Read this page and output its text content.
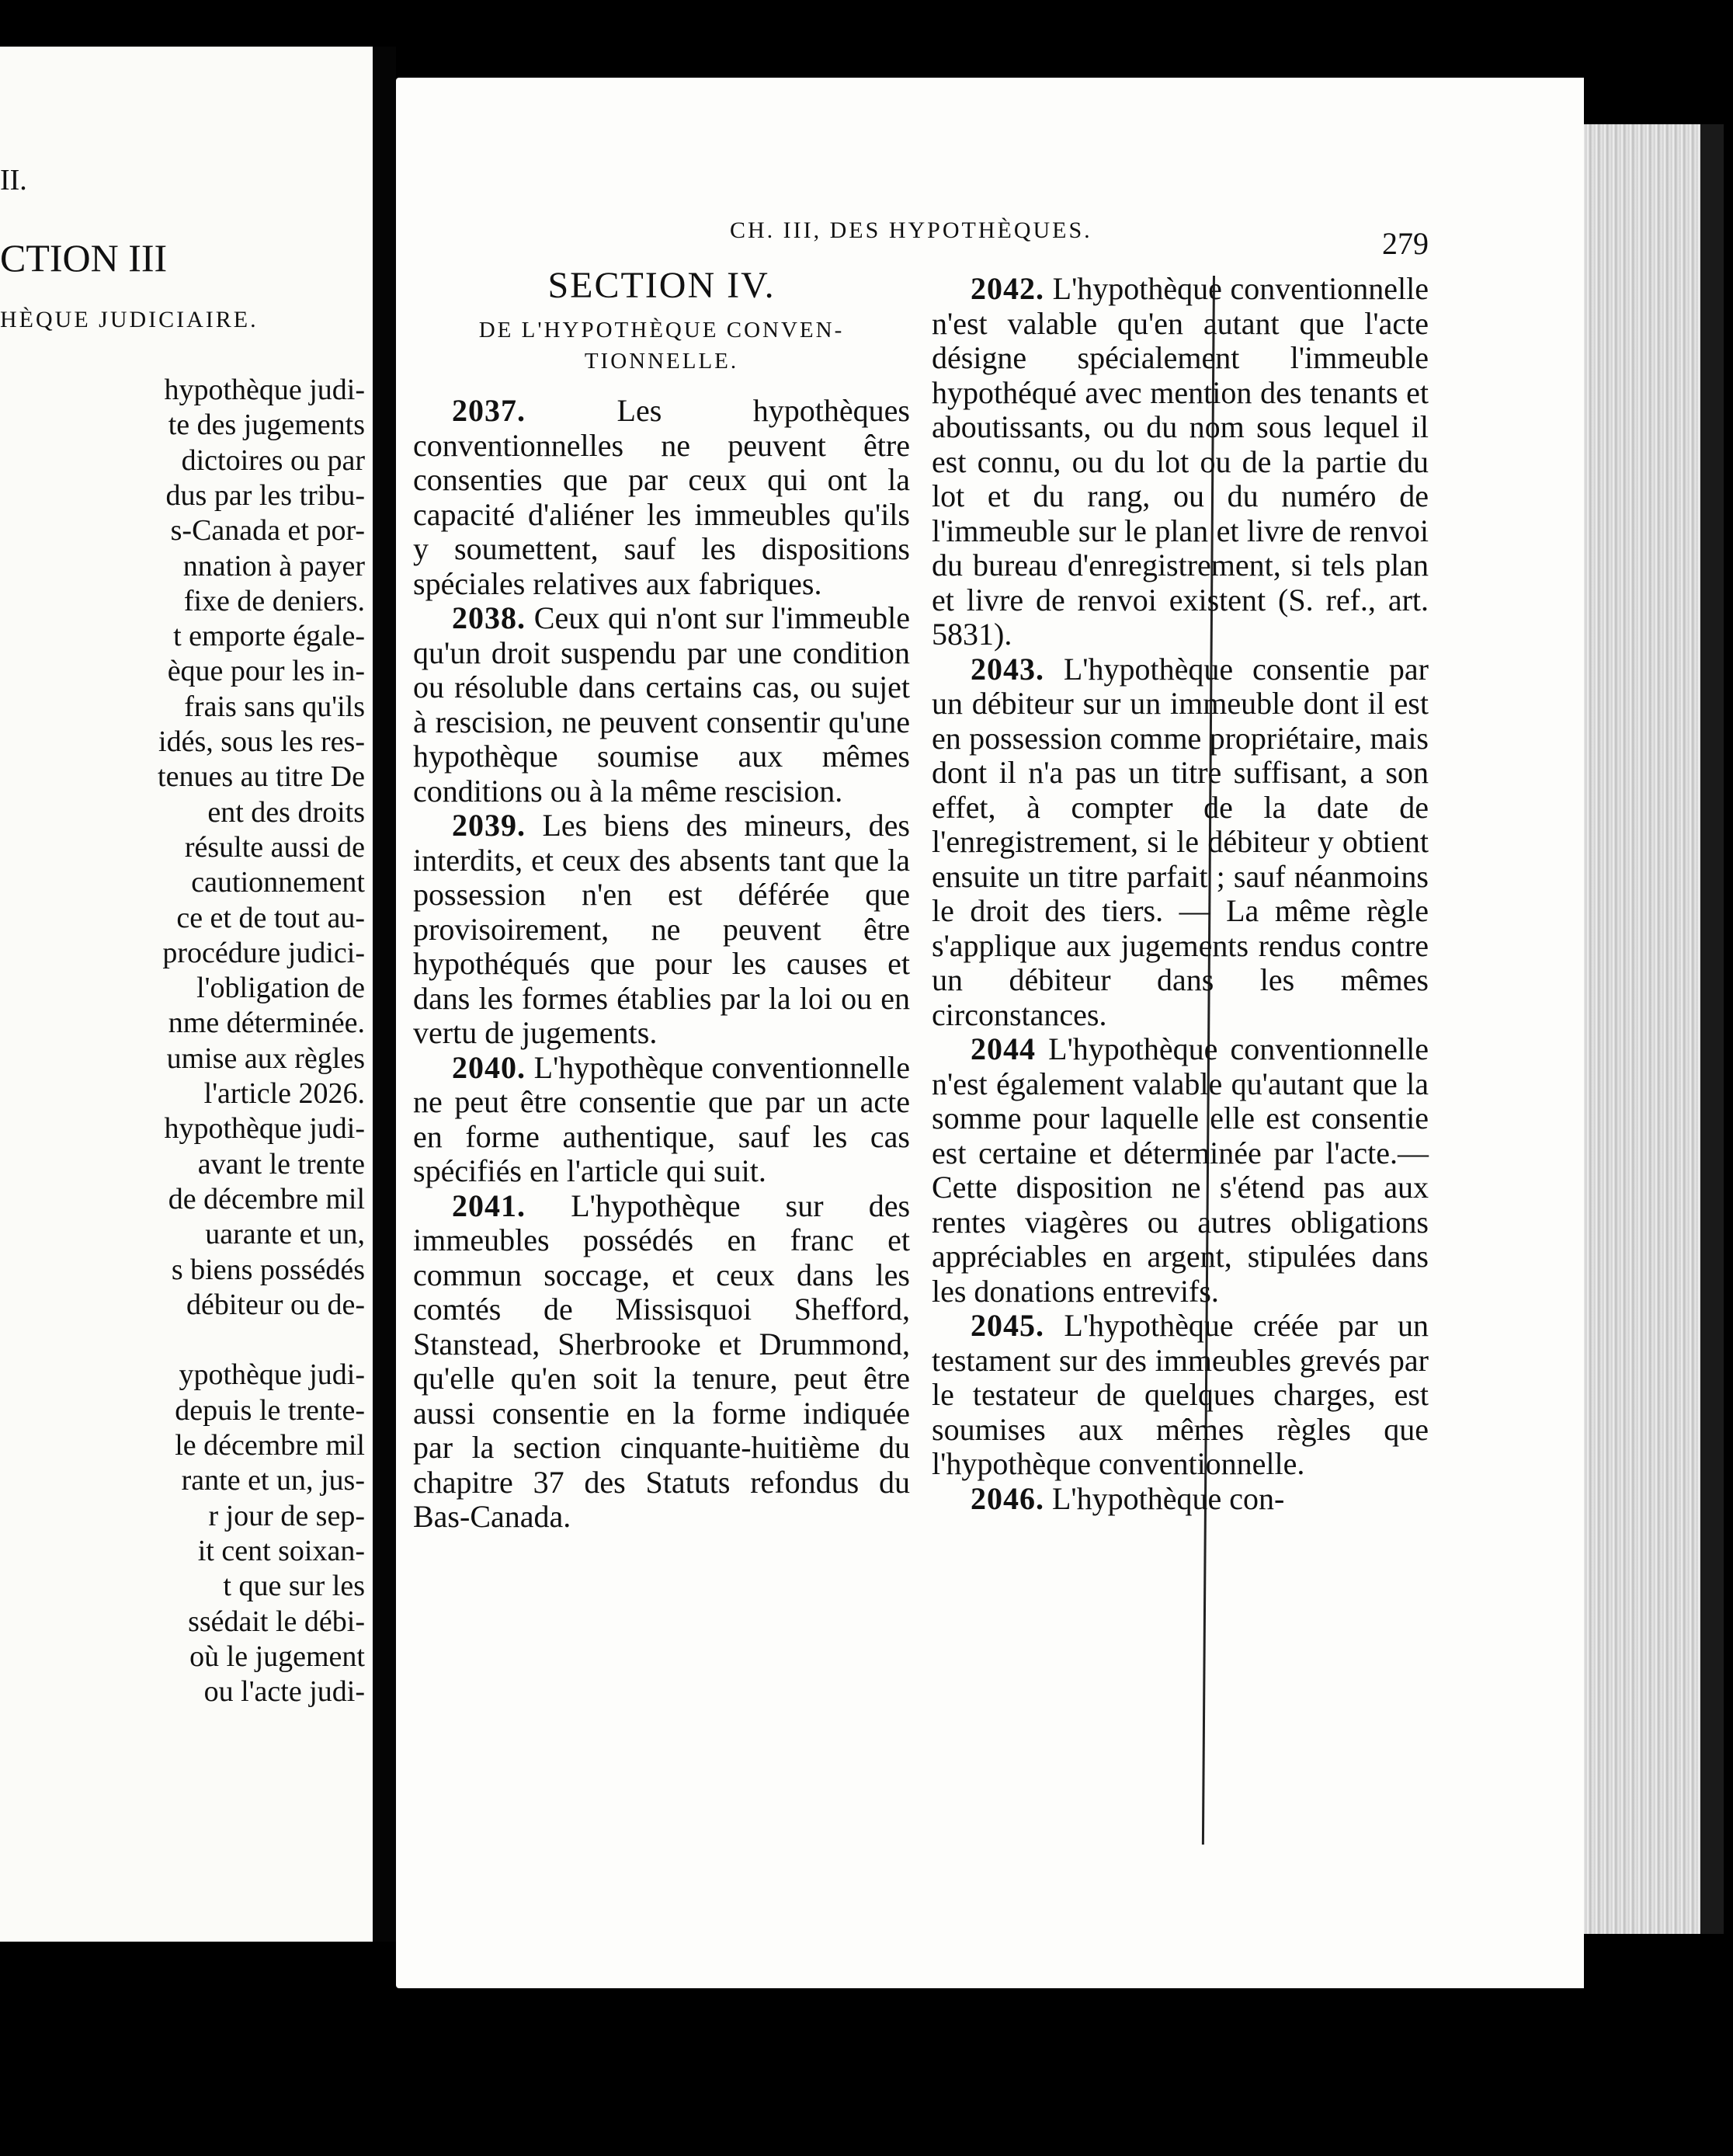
II.
CTION III
HÈQUE JUDICIAIRE.
hypothèque judi-
te des jugements
dictoires ou par
dus par les tribu-
s-Canada et por-
nnation à payer
fixe de deniers.
t emporte égale-
èque pour les in-
frais sans qu'ils
idés, sous les res-
tenues au titre De
ent des droits
résulte aussi de
cautionnement
ce et de tout au-
procédure judici-
l'obligation de
nme déterminée.
umise aux règles
l'article 2026.
hypothèque judi-
avant le trente
de décembre mil
uarante et un,
s biens possédés
débiteur ou de-
ypothèque judi-
depuis le trente-
le décembre mil
rante et un, jus-
r jour de sep-
it cent soixan-
t que sur les
ssédait le débi-
où le jugement
ou l'acte judi-
CH. III, DES HYPOTHÈQUES.	279
SECTION IV.
DE L'HYPOTHÈQUE CONVEN-
TIONNELLE.

2037.	Les hypothèques conventionnelles ne peuvent être consenties que par ceux qui ont la capacité d'aliéner les immeubles qu'ils y soumettent, sauf les dispositions spéciales relatives aux fabriques.

2038. Ceux qui n'ont sur l'immeuble qu'un droit suspendu par une condition ou résoluble dans certains cas, ou sujet à rescision, ne peuvent consentir qu'une hypothèque soumise aux mêmes conditions ou à la même rescision.

2039. Les biens des mineurs, des interdits, et ceux des absents tant que la possession n'en est déférée que provisoirement, ne peuvent être hypothéqués que pour les causes et dans les formes établies par la loi ou en vertu de jugements.

2040. L'hypothèque conventionnelle ne peut être consentie que par un acte en forme authentique, sauf les cas spécifiés en l'article qui suit.

2041. L'hypothèque sur des immeubles possédés en franc et commun soccage, et ceux dans les comtés de Missisquoi Shefford, Stanstead, Sherbrooke et Drummond, qu'elle qu'en soit la tenure, peut être aussi consentie en la forme indiquée par la section cinquante-huitième du chapitre 37 des Statuts refondus du Bas-Canada.

2042. L'hypothèque conventionnelle n'est valable qu'en autant que l'acte désigne spécialement l'immeuble hypothéqué avec mention des tenants et aboutissants, ou du nom sous lequel il est connu, ou du lot ou de la partie du lot et du rang, ou du numéro de l'immeuble sur le plan et livre de renvoi du bureau d'enregistrement, si tels plan et livre de renvoi existent (S. ref., art. 5831).

2043. L'hypothèque consentie par un débiteur sur un immeuble dont il est en possession comme propriétaire, mais dont il n'a pas un titre suffisant, a son effet, à compter de la date de l'enregistrement, si le débiteur y obtient ensuite un titre parfait ; sauf néanmoins le droit des tiers. — La même règle s'applique aux jugements rendus contre un débiteur dans les mêmes circonstances.

2044 L'hypothèque conventionnelle n'est également valable qu'autant que la somme pour laquelle elle est consentie est certaine et déterminée par l'acte.— Cette disposition ne s'étend pas aux rentes viagères ou autres obligations appréciables en argent, stipulées dans les donations entrevifs.

2045. L'hypothèque créée par un testament sur des immeubles grevés par le testateur de quelques charges, est soumises aux mêmes règles que l'hypothèque conventionnelle.

2046. L'hypothèque con-
